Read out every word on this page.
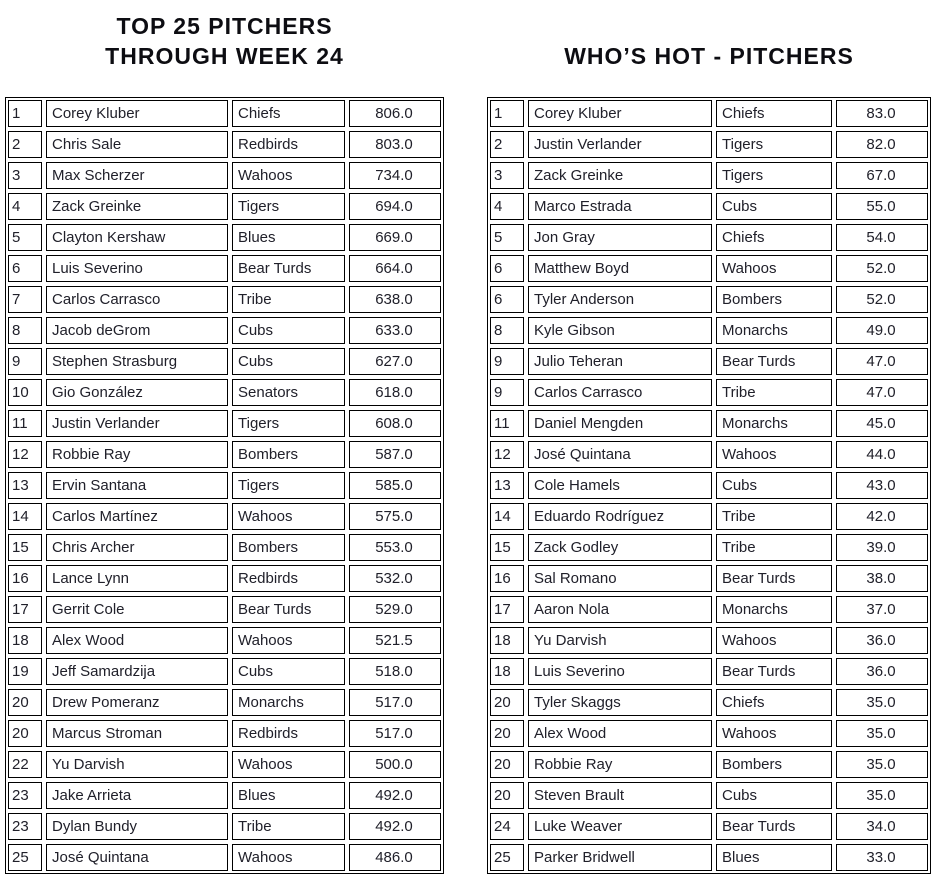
TOP 25 PITCHERS
THROUGH WEEK 24	WHO’S HOT - PITCHERS
1	Corey Kluber	Chiefs	806.0
2	Chris Sale	Redbirds	803.0
3	Max Scherzer	Wahoos	734.0
4	Zack Greinke	Tigers	694.0
5	Clayton Kershaw	Blues	669.0
6	Luis Severino	Bear Turds	664.0
7	Carlos Carrasco	Tribe	638.0
8	Jacob deGrom	Cubs	633.0
9	Stephen Strasburg	Cubs	627.0
10	Gio González	Senators	618.0
11	Justin Verlander	Tigers	608.0
12	Robbie Ray	Bombers	587.0
13	Ervin Santana	Tigers	585.0
14	Carlos Martínez	Wahoos	575.0
15	Chris Archer	Bombers	553.0
16	Lance Lynn	Redbirds	532.0
17	Gerrit Cole	Bear Turds	529.0
18	Alex Wood	Wahoos	521.5
19	Jeff Samardzija	Cubs	518.0
20	Drew Pomeranz	Monarchs	517.0
20	Marcus Stroman	Redbirds	517.0
22	Yu Darvish	Wahoos	500.0
23	Jake Arrieta	Blues	492.0
23	Dylan Bundy	Tribe	492.0
25	José Quintana	Wahoos	486.0
1	Corey Kluber	Chiefs	83.0
2	Justin Verlander	Tigers	82.0
3	Zack Greinke	Tigers	67.0
4	Marco Estrada	Cubs	55.0
5	Jon Gray	Chiefs	54.0
6	Matthew Boyd	Wahoos	52.0
6	Tyler Anderson	Bombers	52.0
8	Kyle Gibson	Monarchs	49.0
9	Julio Teheran	Bear Turds	47.0
9	Carlos Carrasco	Tribe	47.0
11	Daniel Mengden	Monarchs	45.0
12	José Quintana	Wahoos	44.0
13	Cole Hamels	Cubs	43.0
14	Eduardo Rodríguez	Tribe	42.0
15	Zack Godley	Tribe	39.0
16	Sal Romano	Bear Turds	38.0
17	Aaron Nola	Monarchs	37.0
18	Yu Darvish	Wahoos	36.0
18	Luis Severino	Bear Turds	36.0
20	Tyler Skaggs	Chiefs	35.0
20	Alex Wood	Wahoos	35.0
20	Robbie Ray	Bombers	35.0
20	Steven Brault	Cubs	35.0
24	Luke Weaver	Bear Turds	34.0
25	Parker Bridwell	Blues	33.0
